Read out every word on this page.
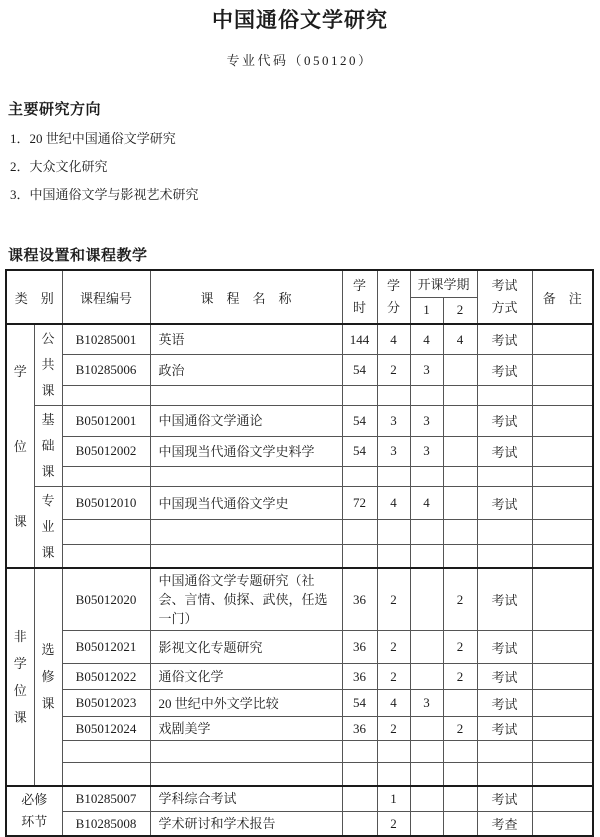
中国通俗文学研究
专业代码（050120）
主要研究方向
1．20 世纪中国通俗文学研究
2．大众文化研究
3．中国通俗文学与影视艺术研究
课程设置和课程教学
类　别		课程编号	课　程　名　称	学时	学分	开课学期		考试方式	备　注
						1	2		
学位课	公共课	B10285001	英语	144	4	4	4	考试	
		B10285006	政治	54	2	3		考试	

	基础课	B05012001	中国通俗文学通论	54	3	3		考试	
		B05012002	中国现当代通俗文学史料学	54	3	3		考试	

	专业课	B05012010	中国现当代通俗文学史	72	4	4		考试	

非学位课	选修课	B05012020	中国通俗文学专题研究（社会、言情、侦探、武侠，任选一门）	36	2		2	考试	
		B05012021	影视文化专题研究	36	2		2	考试	
		B05012022	通俗文化学	36	2		2	考试	
		B05012023	20 世纪中外文学比较	54	4	3		考试	
		B05012024	戏剧美学	36	2		2	考试	

必修环节		B10285007	学科综合考试		1			考试	
		B10285008	学术研讨和学术报告		2			考查	
